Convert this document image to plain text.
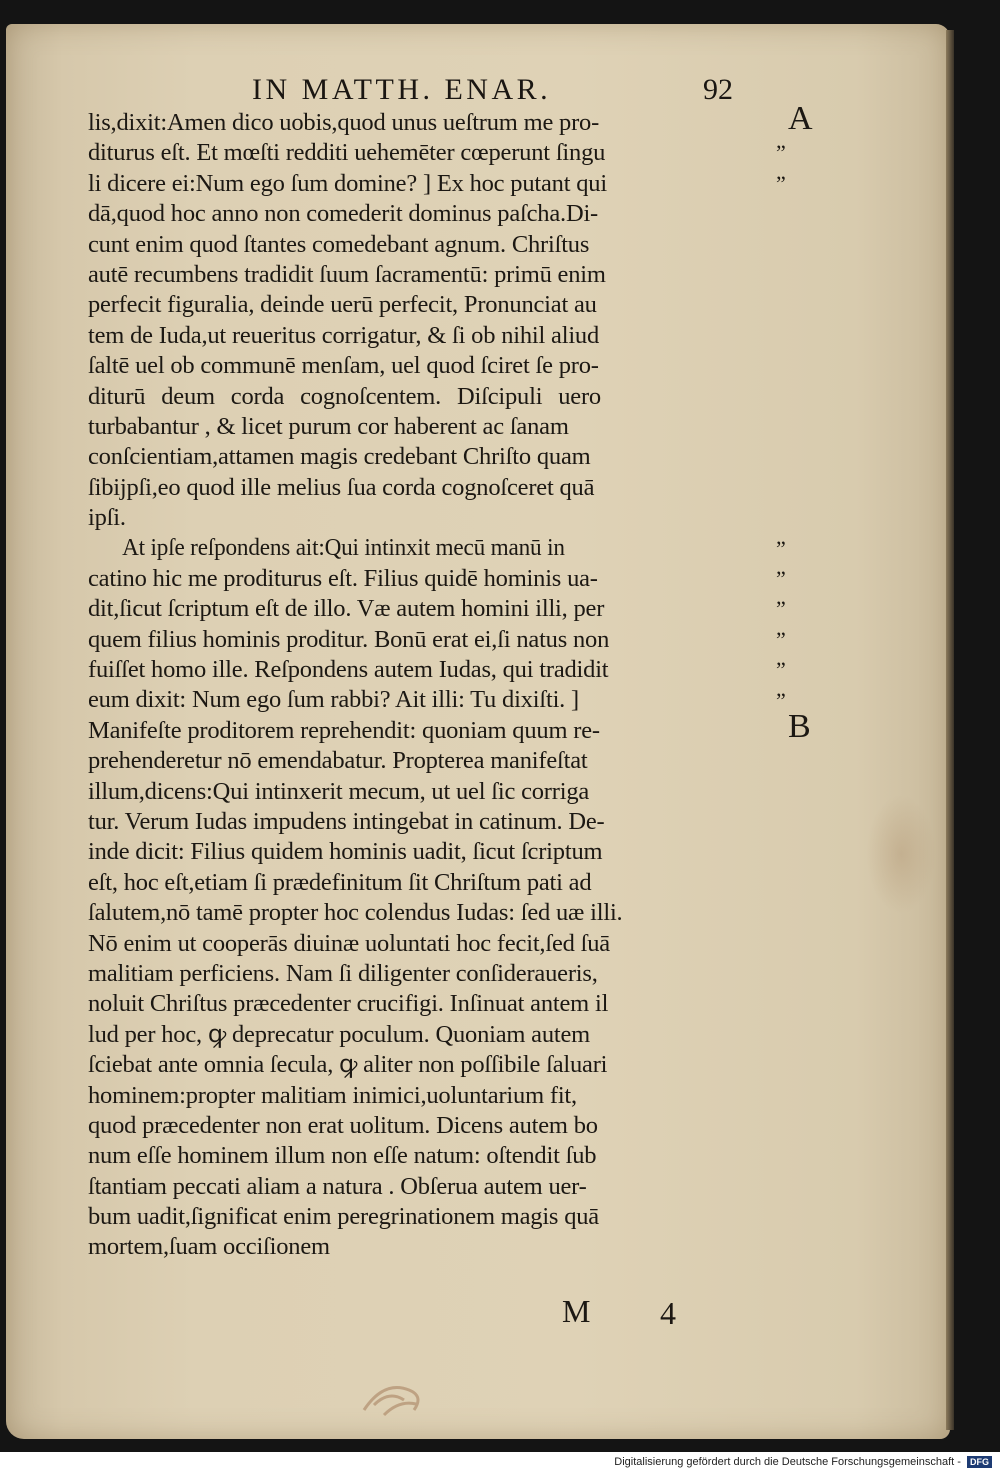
IN MATTH. ENAR.	92
lis,dixit:Amen dico uobis,quod unus ueſtrum me pro-
diturus eſt. Et mœſti redditi uehemēter cœperunt ſingu
li dicere ei:Num ego ſum domine? ] Ex hoc putant qui
dā,quod hoc anno non comederit dominus paſcha.Di-
cunt enim quod ſtantes comedebant agnum. Chriſtus
autē recumbens tradidit ſuum ſacramentū: primū enim
perfecit figuralia, deinde uerū perfecit, Pronunciat au
tem de Iuda,ut reueritus corrigatur, & ſi ob nihil aliud
ſaltē uel ob communē menſam, uel quod ſciret ſe pro-
diturū deum corda cognoſcentem. Diſcipuli uero
turbabantur , & licet purum cor haberent ac ſanam
conſcientiam,attamen magis credebant Chriſto quam
ſibijpſi,eo quod ille melius ſua corda cognoſceret quā
ipſi.
At ipſe reſpondens ait:Qui intinxit mecū manū in
catino hic me proditurus eſt. Filius quidē hominis ua-
dit,ſicut ſcriptum eſt de illo. Væ autem homini illi, per
quem filius hominis proditur. Bonū erat ei,ſi natus non
fuiſſet homo ille. Reſpondens autem Iudas, qui tradidit
eum dixit: Num ego ſum rabbi? Ait illi: Tu dixiſti. ]
Manifeſte proditorem reprehendit: quoniam quum re-
prehenderetur nō emendabatur. Propterea manifeſtat
illum,dicens:Qui intinxerit mecum, ut uel ſic corriga
tur. Verum Iudas impudens intingebat in catinum. De-
inde dicit: Filius quidem hominis uadit, ſicut ſcriptum
eſt, hoc eſt,etiam ſi prædefinitum ſit Chriſtum pati ad
ſalutem,nō tamē propter hoc colendus Iudas: ſed uæ illi.
Nō enim ut cooperās diuinæ uoluntati hoc fecit,ſed ſuā
malitiam perficiens. Nam ſi diligenter conſideraueris,
noluit Chriſtus præcedenter crucifigi. Inſinuat antem il
lud per hoc, ꝙ deprecatur poculum. Quoniam autem
ſciebat ante omnia ſecula, ꝙ aliter non poſſibile ſaluari
hominem:propter malitiam inimici,uoluntarium fit,
quod præcedenter non erat uolitum. Dicens autem bo
num eſſe hominem illum non eſſe natum: oſtendit ſub
ſtantiam peccati aliam a natura . Obſerua autem uer-
bum uadit,ſignificat enim peregrinationem magis quā
mortem,ſuam occiſionem
A
”
”
”
”
”
”
”
”
B
M 4
Digitalisierung gefördert durch die Deutsche Forschungsgemeinschaft - DFG
